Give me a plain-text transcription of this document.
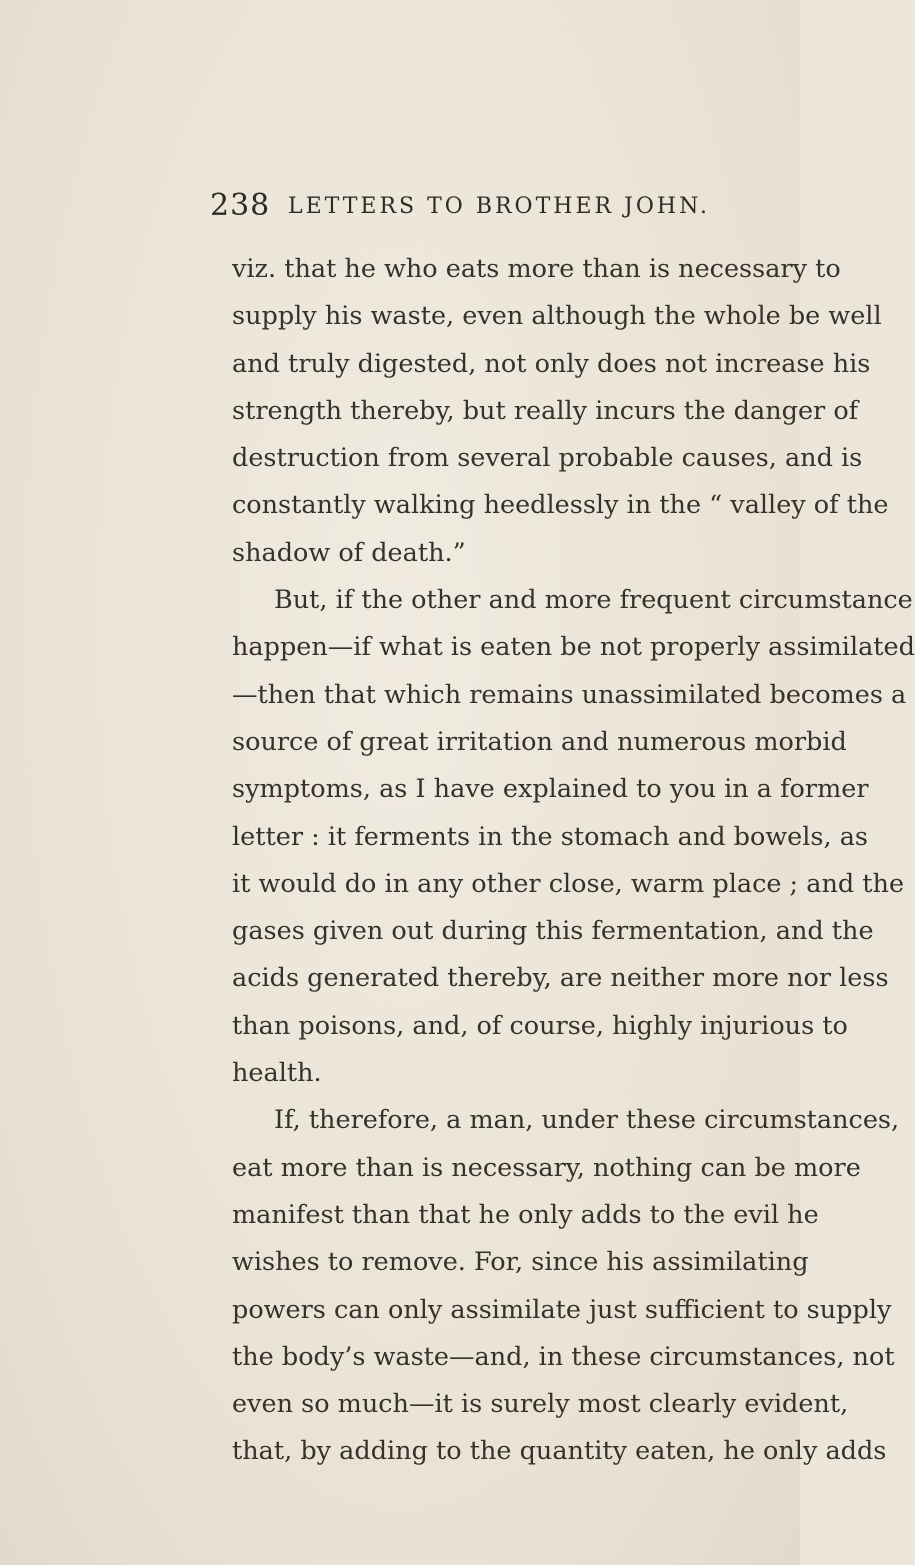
238 LETTERS TO BROTHER JOHN.
viz. that he who eats more than is necessary to
supply his waste, even although the whole be well
and truly digested, not only does not increase his
strength thereby, but really incurs the danger of
destruction from several probable causes, and is
constantly walking heedlessly in the “ valley of the
shadow of death.”
But, if the other and more frequent circumstance
happen—if what is eaten be not properly assimilated
—then that which remains unassimilated becomes a
source of great irritation and numerous morbid
symptoms, as I have explained to you in a former
letter : it ferments in the stomach and bowels, as
it would do in any other close, warm place ; and the
gases given out during this fermentation, and the
acids generated thereby, are neither more nor less
than poisons, and, of course, highly injurious to
health.
If, therefore, a man, under these circumstances,
eat more than is necessary, nothing can be more
manifest than that he only adds to the evil he
wishes to remove. For, since his assimilating
powers can only assimilate just sufficient to supply
the body’s waste—and, in these circumstances, not
even so much—it is surely most clearly evident,
that, by adding to the quantity eaten, he only adds
